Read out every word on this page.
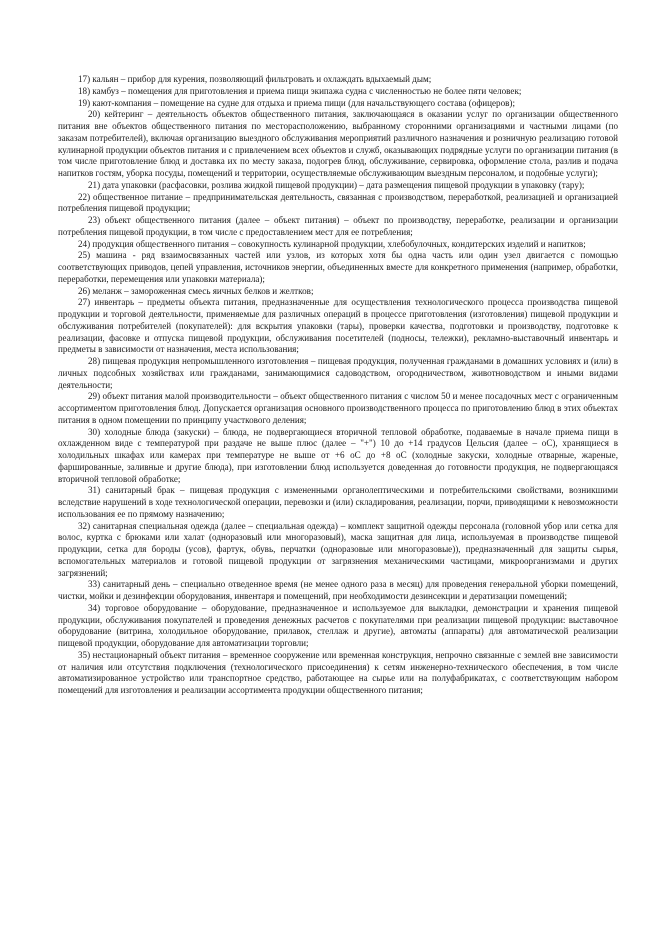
17) кальян – прибор для курения, позволяющий фильтровать и охлаждать вдыхаемый дым;

18) камбуз – помещения для приготовления и приема пищи экипажа судна с численностью не более пяти человек;

19) кают-компания – помещение на судне для отдыха и приема пищи (для начальствующего состава (офицеров);

20) кейтеринг – деятельность объектов общественного питания, заключающаяся в оказании услуг по организации общественного питания вне объектов общественного питания по месторасположению, выбранному сторонними организациями и частными лицами (по заказам потребителей), включая организацию выездного обслуживания мероприятий различного назначения и розничную реализацию готовой кулинарной продукции объектов питания и с привлечением всех объектов и служб, оказывающих подрядные услуги по организации питания (в том числе приготовление блюд и доставка их по месту заказа, подогрев блюд, обслуживание, сервировка, оформление стола, разлив и подача напитков гостям, уборка посуды, помещений и территории, осуществляемые обслуживающим выездным персоналом, и подобные услуги);

21) дата упаковки (расфасовки, розлива жидкой пищевой продукции) – дата размещения пищевой продукции в упаковку (тару);

22) общественное питание – предпринимательская деятельность, связанная с производством, переработкой, реализацией и организацией потребления пищевой продукции;

23) объект общественного питания (далее – объект питания) – объект по производству, переработке, реализации и организации потребления пищевой продукции, в том числе с предоставлением мест для ее потребления;

24) продукция общественного питания – совокупность кулинарной продукции, хлебобулочных, кондитерских изделий и напитков;

25) машина - ряд взаимосвязанных частей или узлов, из которых хотя бы одна часть или один узел двигается с помощью соответствующих приводов, цепей управления, источников энергии, объединенных вместе для конкретного применения (например, обработки, переработки, перемещения или упаковки материала);

26) меланж – замороженная смесь яичных белков и желтков;

27) инвентарь – предметы объекта питания, предназначенные для осуществления технологического процесса производства пищевой продукции и торговой деятельности, применяемые для различных операций в процессе приготовления (изготовления) пищевой продукции и обслуживания потребителей (покупателей): для вскрытия упаковки (тары), проверки качества, подготовки и производству, подготовке к реализации, фасовке и отпуска пищевой продукции, обслуживания посетителей (подносы, тележки), рекламно-выставочный инвентарь и предметы в зависимости от назначения, места использования;

28) пищевая продукция непромышленного изготовления – пищевая продукция, полученная гражданами в домашних условиях и (или) в личных подсобных хозяйствах или гражданами, занимающимися садоводством, огородничеством, животноводством и иными видами деятельности;

29) объект питания малой производительности – объект общественного питания с числом 50 и менее посадочных мест с ограниченным ассортиментом приготовления блюд. Допускается организация основного производственного процесса по приготовлению блюд в этих объектах питания в одном помещении по принципу участкового деления;

30) холодные блюда (закуски) – блюда, не подвергающиеся вторичной тепловой обработке, подаваемые в начале приема пищи в охлажденном виде с температурой при раздаче не выше плюс (далее – "+") 10 до +14 градусов Цельсия (далее – оС), хранящиеся в холодильных шкафах или камерах при температуре не выше от +6 оС до +8 оС (холодные закуски, холодные отварные, жареные, фаршированные, заливные и другие блюда), при изготовлении блюд используется доведенная до готовности продукция, не подвергающаяся вторичной тепловой обработке;

31) санитарный брак – пищевая продукция с измененными органолептическими и потребительскими свойствами, возникшими вследствие нарушений в ходе технологической операции, перевозки и (или) складирования, реализации, порчи, приводящими к невозможности использования ее по прямому назначению;

32) санитарная специальная одежда (далее – специальная одежда) – комплект защитной одежды персонала (головной убор или сетка для волос, куртка с брюками или халат (одноразовый или многоразовый), маска защитная для лица, используемая в производстве пищевой продукции, сетка для бороды (усов), фартук, обувь, перчатки (одноразовые или многоразовые)), предназначенный для защиты сырья, вспомогательных материалов и готовой пищевой продукции от загрязнения механическими частицами, микроорганизмами и других загрязнений;

33) санитарный день – специально отведенное время (не менее одного раза в месяц) для проведения генеральной уборки помещений, чистки, мойки и дезинфекции оборудования, инвентаря и помещений, при необходимости дезинсекции и дератизации помещений;

34) торговое оборудование – оборудование, предназначенное и используемое для выкладки, демонстрации и хранения пищевой продукции, обслуживания покупателей и проведения денежных расчетов с покупателями при реализации пищевой продукции: выставочное оборудование (витрина, холодильное оборудование, прилавок, стеллаж и другие), автоматы (аппараты) для автоматической реализации пищевой продукции, оборудование для автоматизации торговли;

35) нестационарный объект питания – временное сооружение или временная конструкция, непрочно связанные с землей вне зависимости от наличия или отсутствия подключения (технологического присоединения) к сетям инженерно-технического обеспечения, в том числе автоматизированное устройство или транспортное средство, работающее на сырье или на полуфабрикатах, с соответствующим набором помещений для изготовления и реализации ассортимента продукции общественного питания;
